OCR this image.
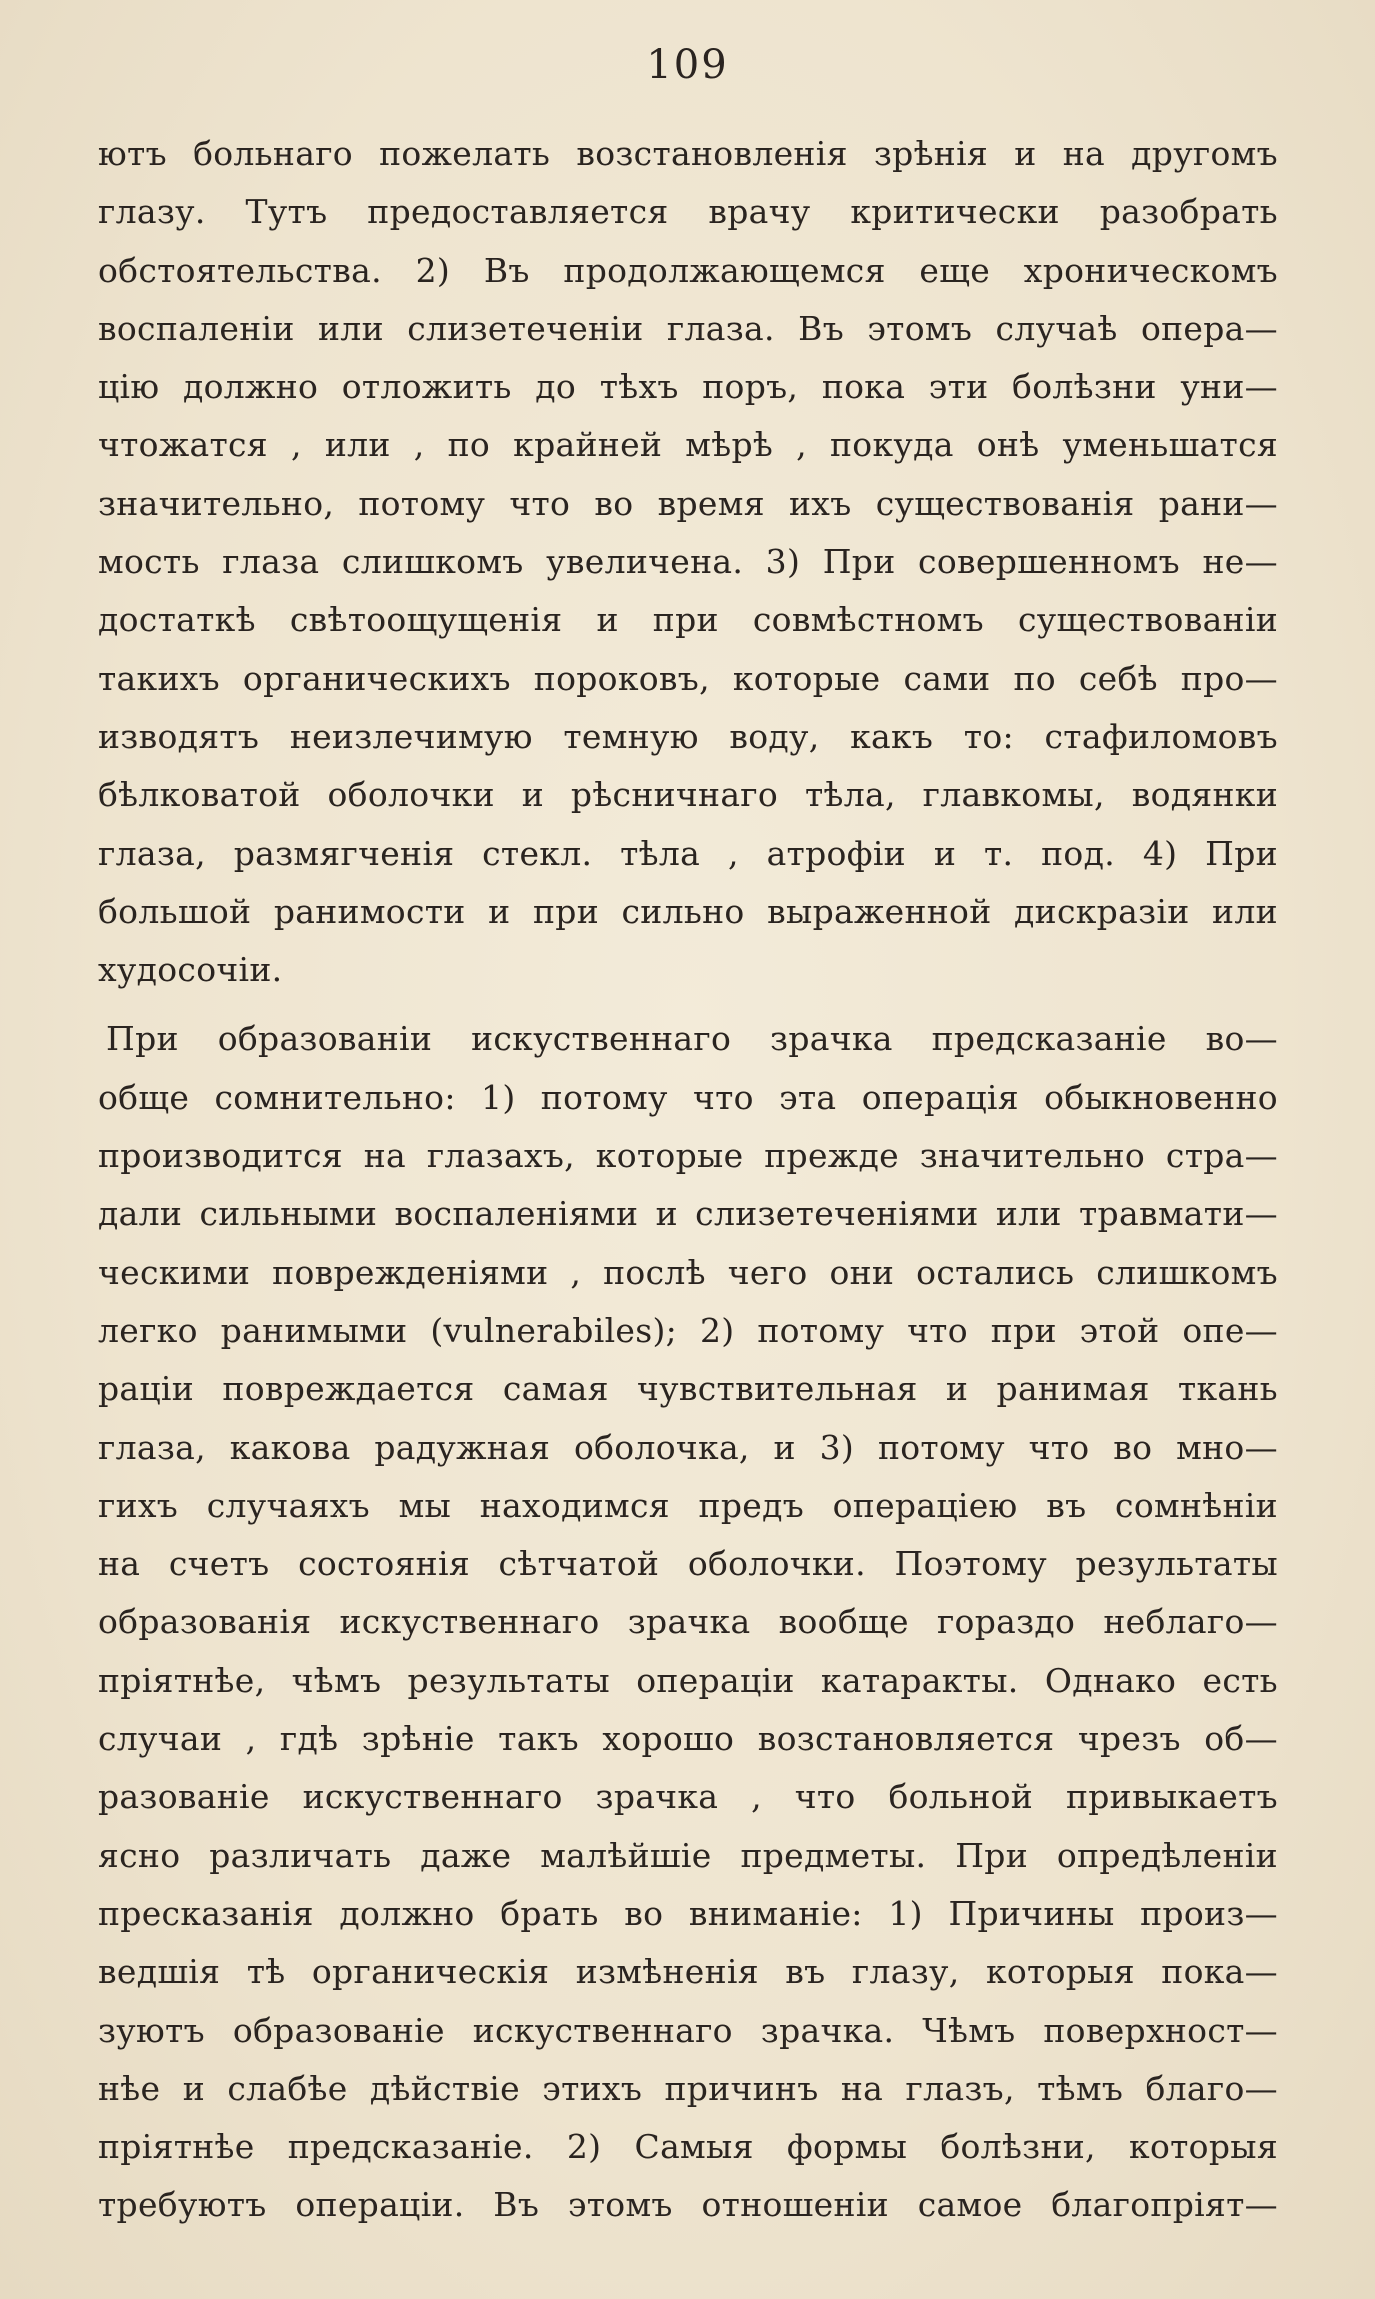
109
ютъ больнаго пожелать возстановленія зрѣнія и на другомъ
глазу. Тутъ предоставляется врачу критически разобрать
обстоятельства. 2) Въ продолжающемся еще хроническомъ
воспаленіи или слизетеченіи глаза. Въ этомъ случаѣ опера—
цію должно отложить до тѣхъ поръ, пока эти болѣзни уни—
чтожатся , или , по крайней мѣрѣ , покуда онѣ уменьшатся
значительно, потому что во время ихъ существованія рани—
мость глаза слишкомъ увеличена. 3) При совершенномъ не—
достаткѣ свѣтоощущенія и при совмѣстномъ существованіи
такихъ органическихъ пороковъ, которые сами по себѣ про—
изводятъ неизлечимую темную воду, какъ то: стафиломовъ
бѣлковатой оболочки и рѣсничнаго тѣла, главкомы, водянки
глаза, размягченія стекл. тѣла , атрофіи и т. под. 4) При
большой ранимости и при сильно выраженной дискразіи или
худосочіи.
При образованіи искуственнаго зрачка предсказаніе во—
обще сомнительно: 1) потому что эта операція обыкновенно
производится на глазахъ, которые прежде значительно стра—
дали сильными воспаленіями и слизетеченіями или травмати—
ческими поврежденіями , послѣ чего они остались слишкомъ
легко ранимыми (vulnerabiles); 2) потому что при этой опе—
раціи повреждается самая чувствительная и ранимая ткань
глаза, какова радужная оболочка, и 3) потому что во мно—
гихъ случаяхъ мы находимся предъ операціею въ сомнѣніи
на счетъ состоянія сѣтчатой оболочки. Поэтому результаты
образованія искуственнаго зрачка вообще гораздо неблаго—
пріятнѣе, чѣмъ результаты операціи катаракты. Однако есть
случаи , гдѣ зрѣніе такъ хорошо возстановляется чрезъ об—
разованіе искуственнаго зрачка , что больной привыкаетъ
ясно различать даже малѣйшіе предметы. При опредѣленіи
пресказанія должно брать во вниманіе: 1) Причины произ—
ведшія тѣ органическія измѣненія въ глазу, которыя пока—
зуютъ образованіе искуственнаго зрачка. Чѣмъ поверхност—
нѣе и слабѣе дѣйствіе этихъ причинъ на глазъ, тѣмъ благо—
пріятнѣе предсказаніе. 2) Самыя формы болѣзни, которыя
требуютъ операціи. Въ этомъ отношеніи самое благопріят—
